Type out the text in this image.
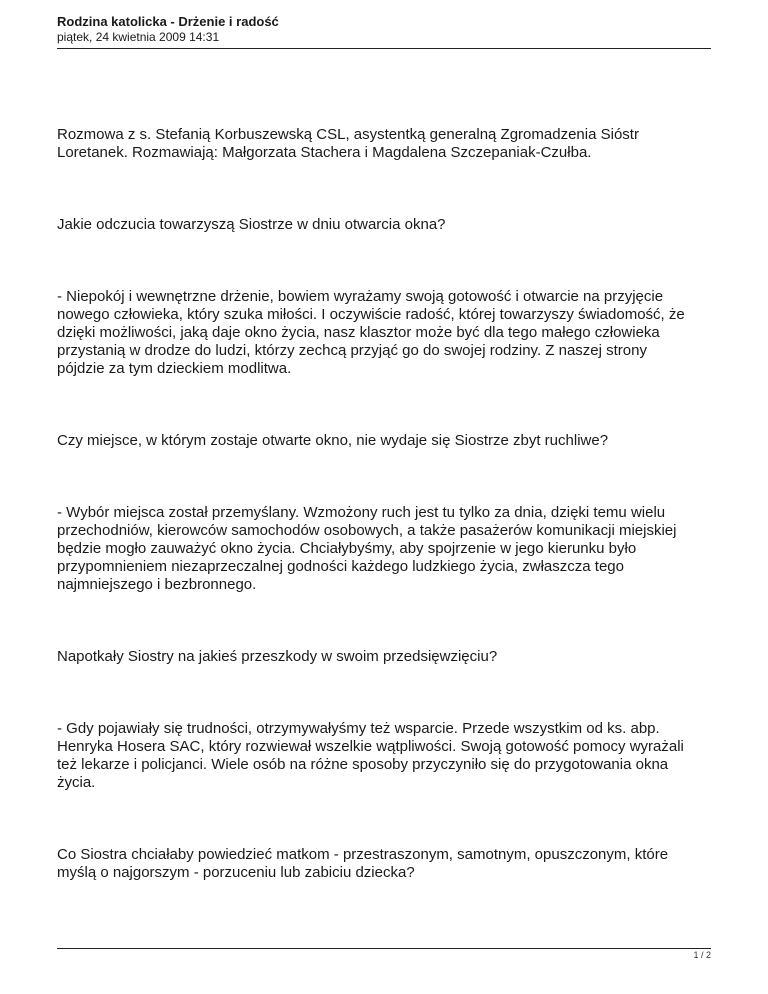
Rodzina katolicka - Drżenie i radość
piątek, 24 kwietnia 2009 14:31

Rozmowa z s. Stefanią Korbuszewską CSL, asystentką generalną Zgromadzenia Sióstr
Loretanek. Rozmawiają: Małgorzata Stachera i Magdalena Szczepaniak-Czułba.

Jakie odczucia towarzyszą Siostrze w dniu otwarcia okna?

- Niepokój i wewnętrzne drżenie, bowiem wyrażamy swoją gotowość i otwarcie na przyjęcie
nowego człowieka, który szuka miłości. I oczywiście radość, której towarzyszy świadomość, że
dzięki możliwości, jaką daje okno życia, nasz klasztor może być dla tego małego człowieka
przystanią w drodze do ludzi, którzy zechcą przyjąć go do swojej rodziny. Z naszej strony
pójdzie za tym dzieckiem modlitwa.

Czy miejsce, w którym zostaje otwarte okno, nie wydaje się Siostrze zbyt ruchliwe?

- Wybór miejsca został przemyślany. Wzmożony ruch jest tu tylko za dnia, dzięki temu wielu
przechodniów, kierowców samochodów osobowych, a także pasażerów komunikacji miejskiej
będzie mogło zauważyć okno życia. Chciałybyśmy, aby spojrzenie w jego kierunku było
przypomnieniem niezaprzeczalnej godności każdego ludzkiego życia, zwłaszcza tego
najmniejszego i bezbronnego.

Napotkały Siostry na jakieś przeszkody w swoim przedsięwzięciu?

- Gdy pojawiały się trudności, otrzymywałyśmy też wsparcie. Przede wszystkim od ks. abp.
Henryka Hosera SAC, który rozwiewał wszelkie wątpliwości. Swoją gotowość pomocy wyrażali
też lekarze i policjanci. Wiele osób na różne sposoby przyczyniło się do przygotowania okna
życia.

Co Siostra chciałaby powiedzieć matkom - przestraszonym, samotnym, opuszczonym, które
myślą o najgorszym - porzuceniu lub zabiciu dziecka?

1 / 2
